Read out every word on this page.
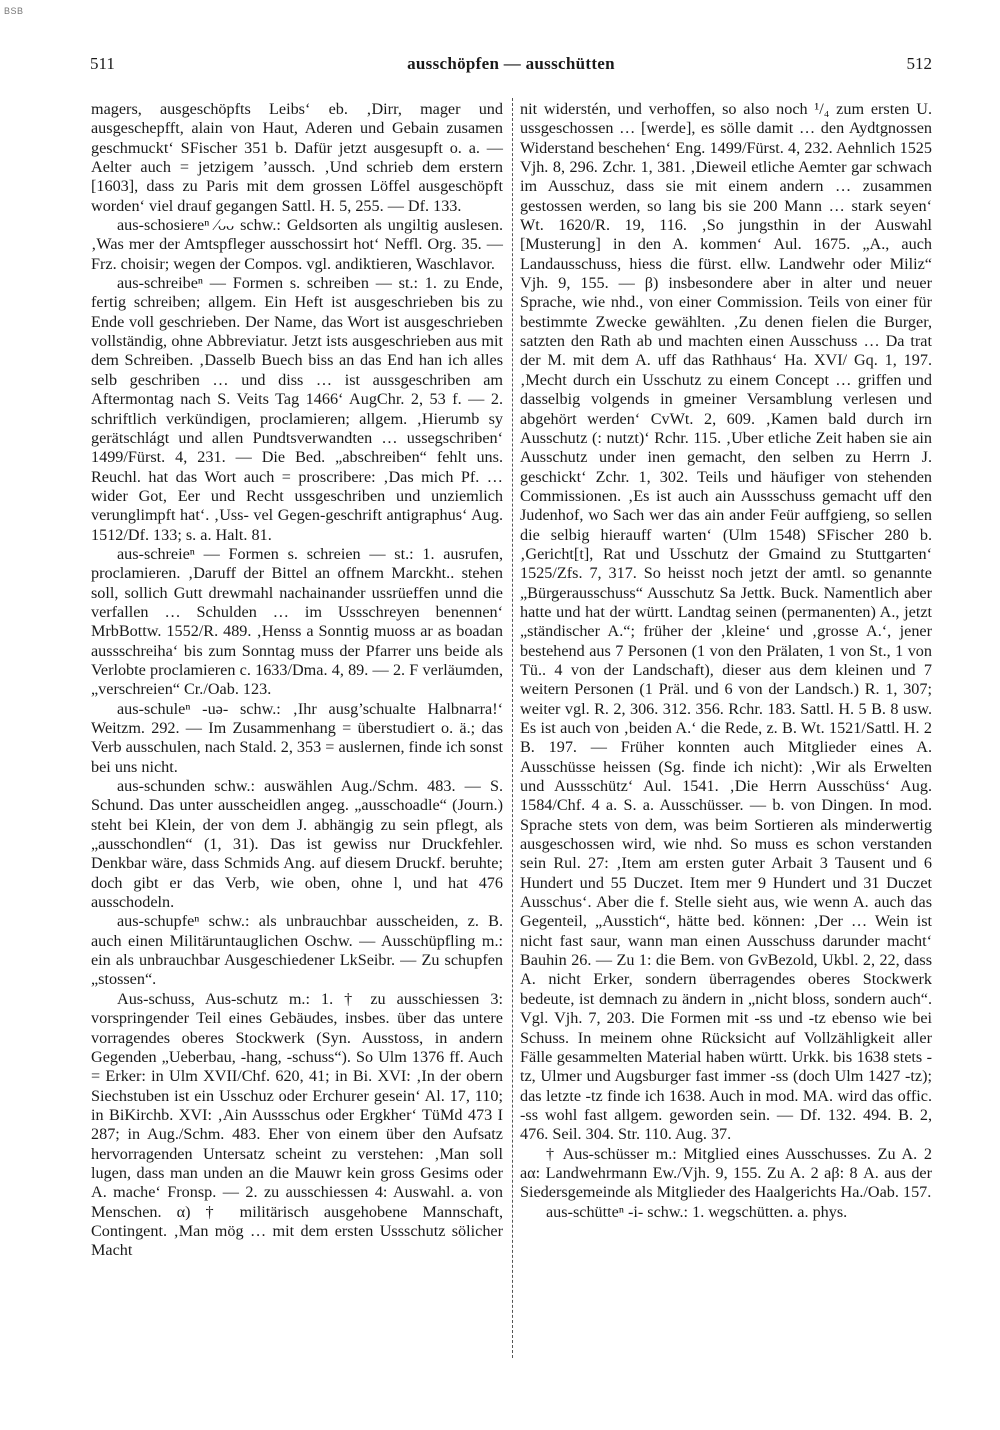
BSB
511	ausschöpfen — ausschütten	512

magers, ausgeschöpfts Leibs‘ eb. ‚Dirr, mager und ausgeschepfft, alain von Haut, Aderen und Gebain zusamen geschmuckt‘ SFischer 351 b. Dafür jetzt ausgesupft o. a. — Aelter auch = jetzigem ’aussch. ‚Und schrieb dem erstern [1603], dass zu Paris mit dem grossen Löffel ausgeschöpft worden‘ viel drauf gegangen Sattl. H. 5, 255. — Df. 133.

aus-schosiereⁿ ⁄ᴗᴗ schw.: Geldsorten als ungiltig auslesen. ‚Was mer der Amtspfleger ausschossirt hot‘ Neffl. Org. 35. — Frz. choisir; wegen der Compos. vgl. andiktieren, Waschlavor.

aus-schreibeⁿ — Formen s. schreiben — st.: 1. zu Ende, fertig schreiben; allgem. Ein Heft ist ausgeschrieben bis zu Ende voll geschrieben. Der Name, das Wort ist ausgeschrieben vollständig, ohne Abbreviatur. Jetzt ists ausgeschrieben aus mit dem Schreiben. ‚Dasselb Buech biss an das End han ich alles selb geschriben … und diss … ist aussgeschriben am Aftermontag nach S. Veits Tag 1466‘ AugChr. 2, 53 f. — 2. schriftlich verkündigen, proclamieren; allgem. ‚Hierumb sy gerätschlágt und allen Pundtsverwandten … ussegschriben‘ 1499/Fürst. 4, 231. — Die Bed. „abschreiben“ fehlt uns. Reuchl. hat das Wort auch = proscribere: ‚Das mich Pf. … wider Got, Eer und Recht ussgeschriben und unziemlich verunglimpft hat‘. ‚Uss- vel Gegen-geschrift antigraphus‘ Aug. 1512/Df. 133; s. a. Halt. 81.

aus-schreieⁿ — Formen s. schreien — st.: 1. ausrufen, proclamieren. ‚Daruff der Bittel an offnem Marckht.. stehen soll, sollich Gutt drewmahl nachainander ussrüeffen unnd die verfallen … Schulden … im Ussschreyen benennen‘ MrbBottw. 1552/R. 489. ‚Henss a Sonntig muoss ar as boadan aussschreiha‘ bis zum Sonntag muss der Pfarrer uns beide als Verlobte proclamieren c. 1633/Dma. 4, 89. — 2. F verläumden, „verschreien“ Cr./Oab. 123.

aus-schuleⁿ -uə- schw.: ‚Ihr ausg’schualte Halbnarra!‘ Weitzm. 292. — Im Zusammenhang = überstudiert o. ä.; das Verb ausschulen, nach Stald. 2, 353 = auslernen, finde ich sonst bei uns nicht.

aus-schunden schw.: auswählen Aug./Schm. 483. — S. Schund. Das unter ausscheidlen angeg. „ausschoadle“ (Journ.) steht bei Klein, der von dem J. abhängig zu sein pflegt, als „ausschondlen“ (1, 31). Das ist gewiss nur Druckfehler. Denkbar wäre, dass Schmids Ang. auf diesem Druckf. beruhte; doch gibt er das Verb, wie oben, ohne l, und hat 476 ausschodeln.

aus-schupfeⁿ schw.: als unbrauchbar ausscheiden, z. B. auch einen Militäruntauglichen Oschw. — Ausschüpfling m.: ein als unbrauchbar Ausgeschiedener LkSeibr. — Zu schupfen „stossen“.

Aus-schuss, Aus-schutz m.: 1. † zu ausschiessen 3: vorspringender Teil eines Gebäudes, insbes. über das untere vorragendes oberes Stockwerk (Syn. Ausstoss, in andern Gegenden „Ueberbau, -hang, -schuss“). So Ulm 1376 ff. Auch = Erker: in Ulm XVII/Chf. 620, 41; in Bi. XVI: ‚In der obern Siechstuben ist ein Usschuz oder Erchurer gesein‘ Al. 17, 110; in BiKirchb. XVI: ‚Ain Aussschus oder Ergkher‘ TüMd 473 I 287; in Aug./Schm. 483. Eher von einem über den Aufsatz hervorragenden Untersatz scheint zu verstehen: ‚Man soll lugen, dass man unden an die Mauwr kein gross Gesims oder A. mache‘ Fronsp. — 2. zu ausschiessen 4: Auswahl. a. von Menschen. α) † militärisch ausgehobene Mannschaft, Contingent. ‚Man mög … mit dem ersten Ussschutz sölicher Macht

nit widerstén, und verhoffen, so also noch ¹/₄ zum ersten U. ussgeschossen … [werde], es sölle damit … den Aydtgnossen Widerstand beschehen‘ Eng. 1499/Fürst. 4, 232. Aehnlich 1525 Vjh. 8, 296. Zchr. 1, 381. ‚Dieweil etliche Aemter gar schwach im Ausschuz, dass sie mit einem andern … zusammen gestossen werden, so lang bis sie 200 Mann … stark seyen‘ Wt. 1620/R. 19, 116. ‚So jungsthin in der Auswahl [Musterung] in den A. kommen‘ Aul. 1675. „A., auch Landausschuss, hiess die fürst. ellw. Landwehr oder Miliz“ Vjh. 9, 155. — β) insbesondere aber in alter und neuer Sprache, wie nhd., von einer Commission. Teils von einer für bestimmte Zwecke gewählten. ‚Zu denen fielen die Burger, satzten den Rath ab und machten einen Ausschuss … Da trat der M. mit dem A. uff das Rathhaus‘ Ha. XVI/ Gq. 1, 197. ‚Mecht durch ein Usschutz zu einem Concept … griffen und dasselbig volgends in gmeiner Versamblung verlesen und abgehört werden‘ CvWt. 2, 609. ‚Kamen bald durch irn Ausschutz (: nutzt)‘ Rchr. 115. ‚Uber etliche Zeit haben sie ain Ausschutz under inen gemacht, den selben zu Herrn J. geschickt‘ Zchr. 1, 302. Teils und häufiger von stehenden Commissionen. ‚Es ist auch ain Aussschuss gemacht uff den Judenhof, wo Sach wer das ain ander Feür auffgieng, so sellen die selbig hierauff warten‘ (Ulm 1548) SFischer 280 b. ‚Gericht[t], Rat und Usschutz der Gmaind zu Stuttgarten‘ 1525/Zfs. 7, 317. So heisst noch jetzt der amtl. so genannte „Bürgerausschuss“ Ausschutz Sa Jettk. Buck. Namentlich aber hatte und hat der württ. Landtag seinen (permanenten) A., jetzt „ständischer A.“; früher der ‚kleine‘ und ‚grosse A.‘, jener bestehend aus 7 Personen (1 von den Prälaten, 1 von St., 1 von Tü.. 4 von der Landschaft), dieser aus dem kleinen und 7 weitern Personen (1 Präl. und 6 von der Landsch.) R. 1, 307; weiter vgl. R. 2, 306. 312. 356. Rchr. 183. Sattl. H. 5 B. 8 usw. Es ist auch von ‚beiden A.‘ die Rede, z. B. Wt. 1521/Sattl. H. 2 B. 197. — Früher konnten auch Mitglieder eines A. Ausschüsse heissen (Sg. finde ich nicht): ‚Wir als Erwelten und Aussschütz‘ Aul. 1541. ‚Die Herrn Ausschüss‘ Aug. 1584/Chf. 4 a. S. a. Ausschüsser. — b. von Dingen. In mod. Sprache stets von dem, was beim Sortieren als minderwertig ausgeschossen wird, wie nhd. So muss es schon verstanden sein Rul. 27: ‚Item am ersten guter Arbait 3 Tausent und 6 Hundert und 55 Duczet. Item mer 9 Hundert und 31 Duczet Ausschus‘. Aber die f. Stelle sieht aus, wie wenn A. auch das Gegenteil, „Ausstich“, hätte bed. können: ‚Der … Wein ist nicht fast saur, wann man einen Ausschuss darunder macht‘ Bauhin 26. — Zu 1: die Bem. von GvBezold, Ukbl. 2, 22, dass A. nicht Erker, sondern überragendes oberes Stockwerk bedeute, ist demnach zu ändern in „nicht bloss, sondern auch“. Vgl. Vjh. 7, 203. Die Formen mit -ss und -tz ebenso wie bei Schuss. In meinem ohne Rücksicht auf Vollzähligkeit aller Fälle gesammelten Material haben württ. Urkk. bis 1638 stets -tz, Ulmer und Augsburger fast immer -ss (doch Ulm 1427 -tz); das letzte -tz finde ich 1638. Auch in mod. MA. wird das offic. -ss wohl fast allgem. geworden sein. — Df. 132. 494. B. 2, 476. Seil. 304. Str. 110. Aug. 37.

† Aus-schüsser m.: Mitglied eines Ausschusses. Zu A. 2 aα: Landwehrmann Ew./Vjh. 9, 155. Zu A. 2 aβ: 8 A. aus der Siedersgemeinde als Mitglieder des Haalgerichts Ha./Oab. 157.

aus-schütteⁿ -i- schw.: 1. wegschütten. a. phys.
